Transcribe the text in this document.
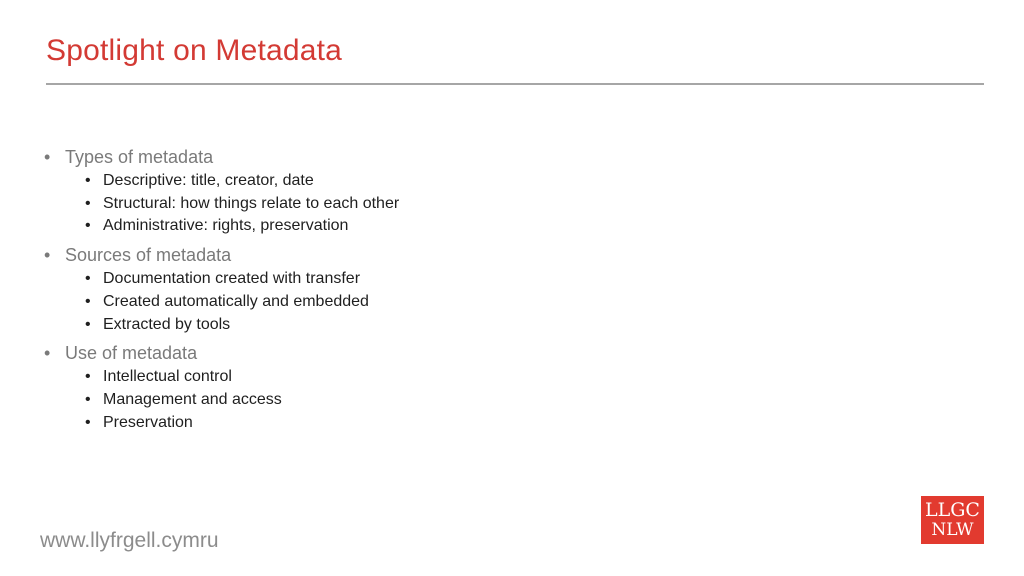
Spotlight on Metadata
• Types of metadata
• Descriptive: title, creator, date
• Structural: how things relate to each other
• Administrative: rights, preservation
• Sources of metadata
• Documentation created with transfer
• Created automatically and embedded
• Extracted by tools
• Use of metadata
• Intellectual control
• Management and access
• Preservation
www.llyfrgell.cymru
LLGC
NLW
